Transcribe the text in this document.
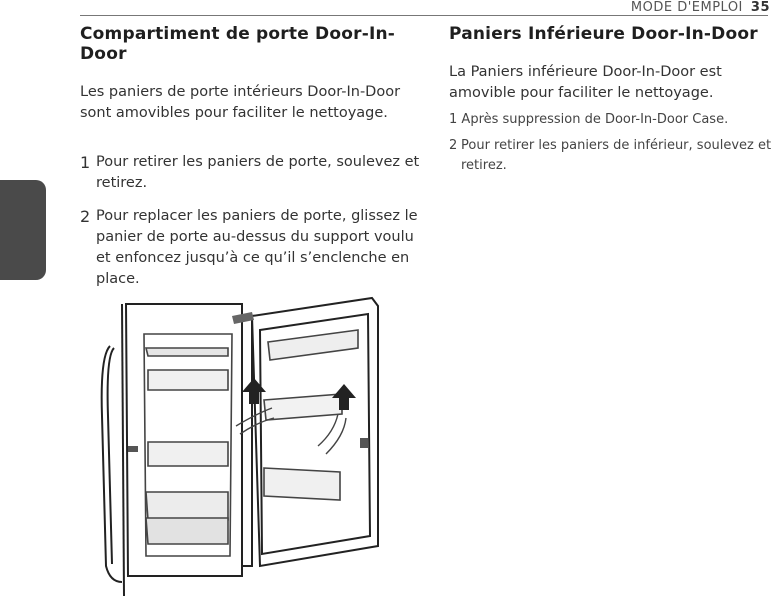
MODE D'EMPLOI 35
FRANÇAIS
Compartiment de porte Door-In-Door

Les paniers de porte intérieurs Door-In-Door sont amovibles pour faciliter le nettoyage.

1 Pour retirer les paniers de porte, soulevez et retirez.
2 Pour replacer les paniers de porte, glissez le panier de porte au-dessus du support voulu et enfoncez jusqu’à ce qu’il s’enclenche en place.
Paniers Inférieure Door-In-Door

La Paniers inférieure Door-In-Door est amovible pour faciliter le nettoyage.

1 Après suppression de Door-In-Door Case.
2 Pour retirer les paniers de inférieur, soulevez et retirez.
